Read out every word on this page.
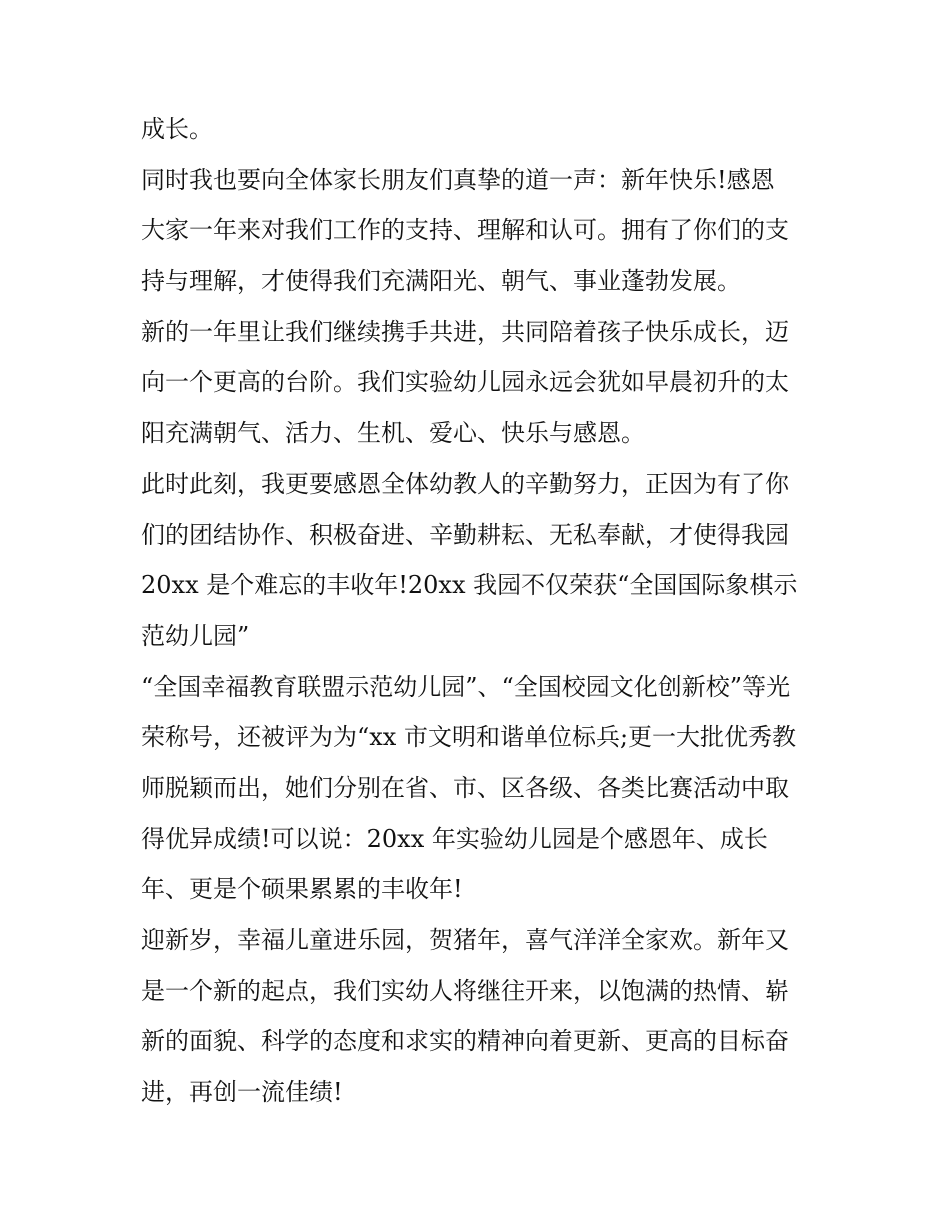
成长。
同时我也要向全体家长朋友们真挚的道一声：新年快乐!感恩
大家一年来对我们工作的支持、理解和认可。拥有了你们的支
持与理解，才使得我们充满阳光、朝气、事业蓬勃发展。
新的一年里让我们继续携手共进，共同陪着孩子快乐成长，迈
向一个更高的台阶。我们实验幼儿园永远会犹如早晨初升的太
阳充满朝气、活力、生机、爱心、快乐与感恩。
此时此刻，我更要感恩全体幼教人的辛勤努力，正因为有了你
们的团结协作、积极奋进、辛勤耕耘、无私奉献，才使得我园
20xx 是个难忘的丰收年!20xx 我园不仅荣获“全国国际象棋示
范幼儿园”
“全国幸福教育联盟示范幼儿园”、“全国校园文化创新校”等光
荣称号，还被评为为“xx 市文明和谐单位标兵;更一大批优秀教
师脱颖而出，她们分别在省、市、区各级、各类比赛活动中取
得优异成绩!可以说：20xx 年实验幼儿园是个感恩年、成长
年、更是个硕果累累的丰收年!
迎新岁，幸福儿童进乐园，贺猪年，喜气洋洋全家欢。新年又
是一个新的起点，我们实幼人将继往开来，以饱满的热情、崭
新的面貌、科学的态度和求实的精神向着更新、更高的目标奋
进，再创一流佳绩!
